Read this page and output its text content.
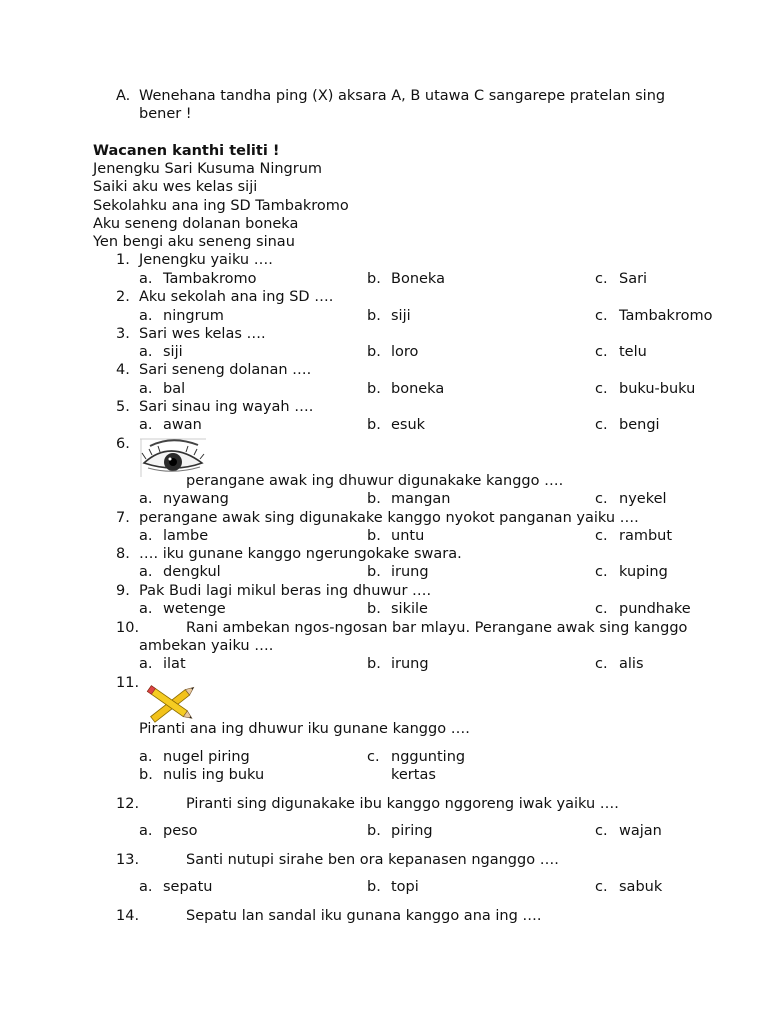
A. Wenehana tandha ping (X) aksara A, B utawa C sangarepe pratelan sing
bener !
Wacanen kanthi teliti !
Jenengku Sari Kusuma Ningrum
Saiki aku wes kelas siji
Sekolahku ana ing SD Tambakromo
Aku seneng dolanan boneka
Yen bengi aku seneng sinau
1. Jenengku yaiku ….
a. Tambakromo	b. Boneka	c. Sari
2. Aku sekolah ana ing SD ….
a. ningrum	b. siji	c. Tambakromo
3. Sari wes kelas ….
a. siji	b. loro	c. telu
4. Sari seneng dolanan ….
a. bal	b. boneka	c. buku-buku
5. Sari sinau ing wayah ….
a. awan	b. esuk	c. bengi
6.
perangane awak ing dhuwur digunakake kanggo ….
a. nyawang	b. mangan	c. nyekel
7. perangane awak sing digunakake kanggo nyokot panganan yaiku ….
a. lambe	b. untu	c. rambut
8. …. iku gunane kanggo ngerungokake swara.
a. dengkul	b. irung	c. kuping
9. Pak Budi lagi mikul beras ing dhuwur ….
a. wetenge	b. sikile	c. pundhake
10.	Rani ambekan ngos-ngosan bar mlayu. Perangane awak sing kanggo
ambekan yaiku ….
a. ilat	b. irung	c. alis
11.
Piranti ana ing dhuwur iku gunane kanggo ….
a. nugel piring
b. nulis ing buku
c. nggunting
kertas
12.	Piranti sing digunakake ibu kanggo nggoreng iwak yaiku ….
a. peso	b. piring	c. wajan
13.	Santi nutupi sirahe ben ora kepanasen nganggo ….
a. sepatu	b. topi	c. sabuk
14.	Sepatu lan sandal iku gunana kanggo ana ing ….
